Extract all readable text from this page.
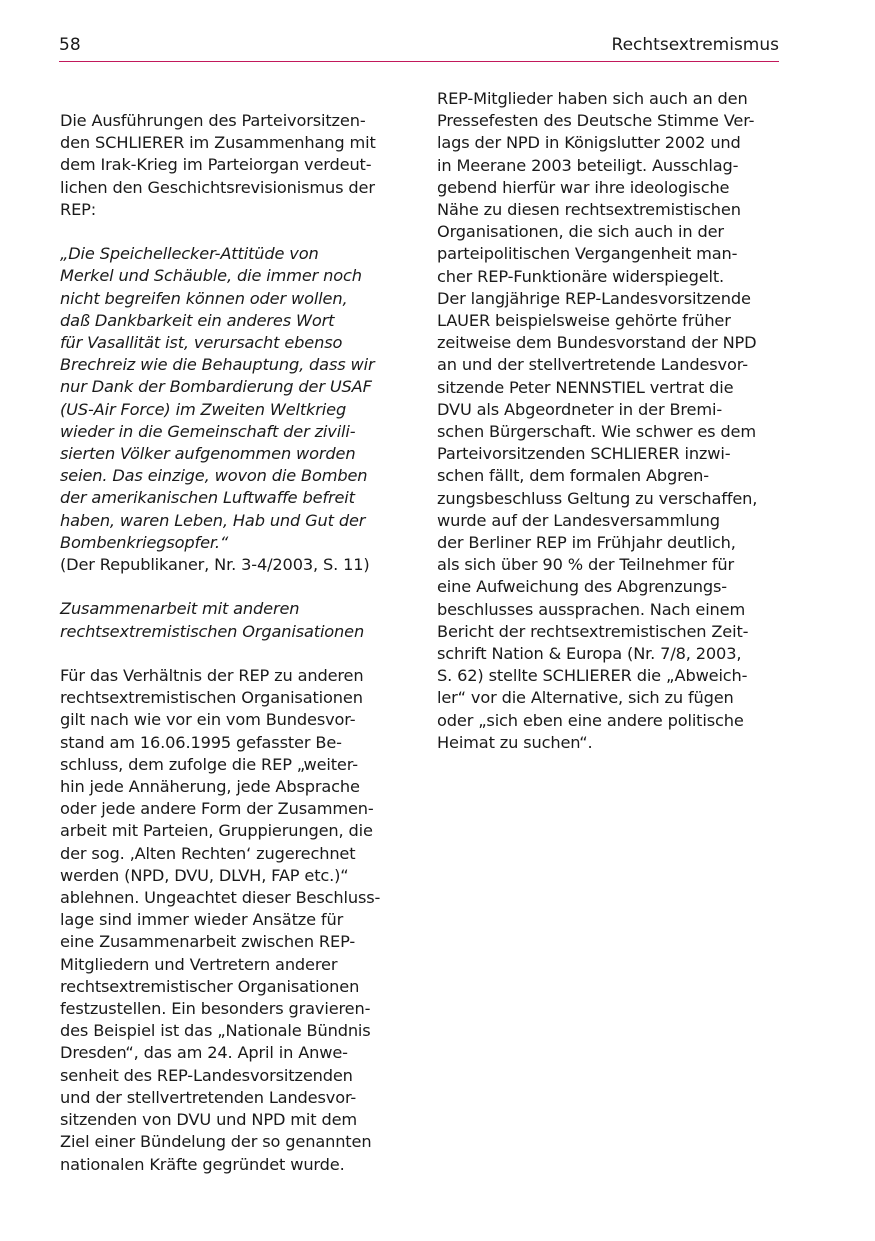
58	Rechtsextremismus
Die Ausführungen des Parteivorsitzen-
den SCHLIERER im Zusammenhang mit
dem Irak-Krieg im Parteiorgan verdeut-
lichen den Geschichtsrevisionismus der
REP:
„Die Speichellecker-Attitüde von
Merkel und Schäuble, die immer noch
nicht begreifen können oder wollen,
daß Dankbarkeit ein anderes Wort
für Vasallität ist, verursacht ebenso
Brechreiz wie die Behauptung, dass wir
nur Dank der Bombardierung der USAF
(US-Air Force) im Zweiten Weltkrieg
wieder in die Gemeinschaft der zivili-
sierten Völker aufgenommen worden
seien. Das einzige, wovon die Bomben
der amerikanischen Luftwaffe befreit
haben, waren Leben, Hab und Gut der
Bombenkriegsopfer.“
(Der Republikaner, Nr. 3-4/2003, S. 11)
Zusammenarbeit mit anderen
rechtsextremistischen Organisationen
Für das Verhältnis der REP zu anderen
rechtsextremistischen Organisationen
gilt nach wie vor ein vom Bundesvor-
stand am 16.06.1995 gefasster Be-
schluss, dem zufolge die REP „weiter-
hin jede Annäherung, jede Absprache
oder jede andere Form der Zusammen-
arbeit mit Parteien, Gruppierungen, die
der sog. ‚Alten Rechten‘ zugerechnet
werden (NPD, DVU, DLVH, FAP etc.)“
ablehnen. Ungeachtet dieser Beschluss-
lage sind immer wieder Ansätze für
eine Zusammenarbeit zwischen REP-
Mitgliedern und Vertretern anderer
rechtsextremistischer Organisationen
festzustellen. Ein besonders gravieren-
des Beispiel ist das „Nationale Bündnis
Dresden“, das am 24. April in Anwe-
senheit des REP-Landesvorsitzenden
und der stellvertretenden Landesvor-
sitzenden von DVU und NPD mit dem
Ziel einer Bündelung der so genannten
nationalen Kräfte gegründet wurde.
REP-Mitglieder haben sich auch an den
Pressefesten des Deutsche Stimme Ver-
lags der NPD in Königslutter 2002 und
in Meerane 2003 beteiligt. Ausschlag-
gebend hierfür war ihre ideologische
Nähe zu diesen rechtsextremistischen
Organisationen, die sich auch in der
parteipolitischen Vergangenheit man-
cher REP-Funktionäre widerspiegelt.
Der langjährige REP-Landesvorsitzende
LAUER beispielsweise gehörte früher
zeitweise dem Bundesvorstand der NPD
an und der stellvertretende Landesvor-
sitzende Peter NENNSTIEL vertrat die
DVU als Abgeordneter in der Bremi-
schen Bürgerschaft. Wie schwer es dem
Parteivorsitzenden SCHLIERER inzwi-
schen fällt, dem formalen Abgren-
zungsbeschluss Geltung zu verschaffen,
wurde auf der Landesversammlung
der Berliner REP im Frühjahr deutlich,
als sich über 90 % der Teilnehmer für
eine Aufweichung des Abgrenzungs-
beschlusses aussprachen. Nach einem
Bericht der rechtsextremistischen Zeit-
schrift Nation & Europa (Nr. 7/8, 2003,
S. 62) stellte SCHLIERER die „Abweich-
ler“ vor die Alternative, sich zu fügen
oder „sich eben eine andere politische
Heimat zu suchen“.
